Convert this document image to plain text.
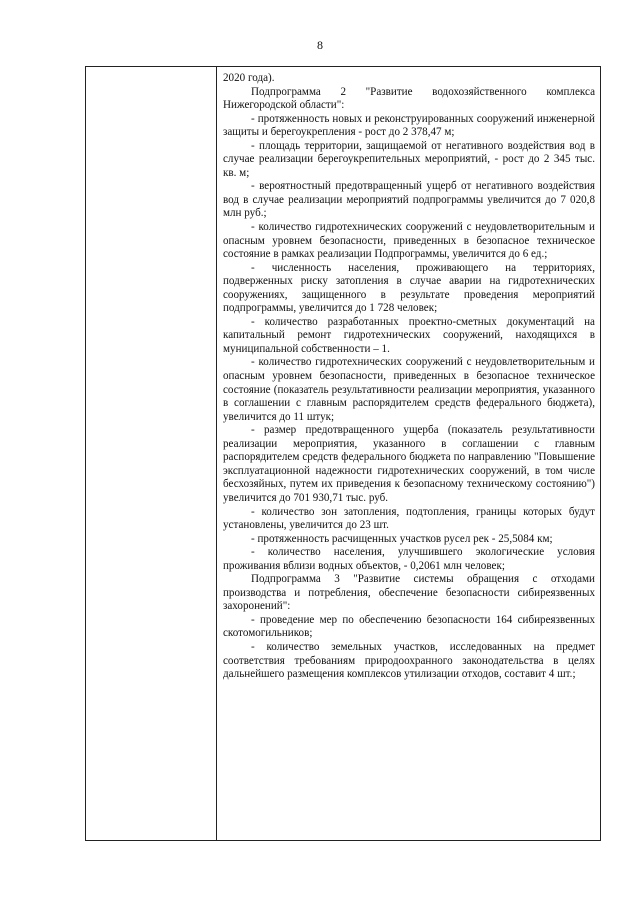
8

2020 года).

Подпрограмма 2 "Развитие водохозяйственного комплекса Нижегородской области":

- протяженность новых и реконструированных сооружений инженерной защиты и берегоукрепления - рост до 2 378,47 м;

- площадь территории, защищаемой от негативного воздействия вод в случае реализации берегоукрепительных мероприятий, - рост до 2 345 тыс. кв. м;

- вероятностный предотвращенный ущерб от негативного воздействия вод в случае реализации мероприятий подпрограммы увеличится до 7 020,8 млн руб.;

- количество гидротехнических сооружений с неудовлетворительным и опасным уровнем безопасности, приведенных в безопасное техническое состояние в рамках реализации Подпрограммы, увеличится до 6 ед.;

- численность населения, проживающего на территориях, подверженных риску затопления в случае аварии на гидротехнических сооружениях, защищенного в результате проведения мероприятий подпрограммы, увеличится до 1 728 человек;

- количество разработанных проектно-сметных документаций на капитальный ремонт гидротехнических сооружений, находящихся в муниципальной собственности – 1.

- количество гидротехнических сооружений с неудовлетворительным и опасным уровнем безопасности, приведенных в безопасное техническое состояние (показатель результативности реализации мероприятия, указанного в соглашении с главным распорядителем средств федерального бюджета), увеличится до 11 штук;

- размер предотвращенного ущерба (показатель результативности реализации мероприятия, указанного в соглашении с главным распорядителем средств федерального бюджета по направлению "Повышение эксплуатационной надежности гидротехнических сооружений, в том числе бесхозяйных, путем их приведения к безопасному техническому состоянию") увеличится до 701 930,71 тыс. руб.

- количество зон затопления, подтопления, границы которых будут установлены, увеличится до 23 шт.

- протяженность расчищенных участков русел рек - 25,5084 км;

- количество населения, улучшившего экологические условия проживания вблизи водных объектов, - 0,2061 млн человек;

Подпрограмма 3 "Развитие системы обращения с отходами производства и потребления, обеспечение безопасности сибиреязвенных захоронений":

- проведение мер по обеспечению безопасности 164 сибиреязвенных скотомогильников;

- количество земельных участков, исследованных на предмет соответствия требованиям природоохранного законодательства в целях дальнейшего размещения комплексов утилизации отходов, составит 4 шт.;
